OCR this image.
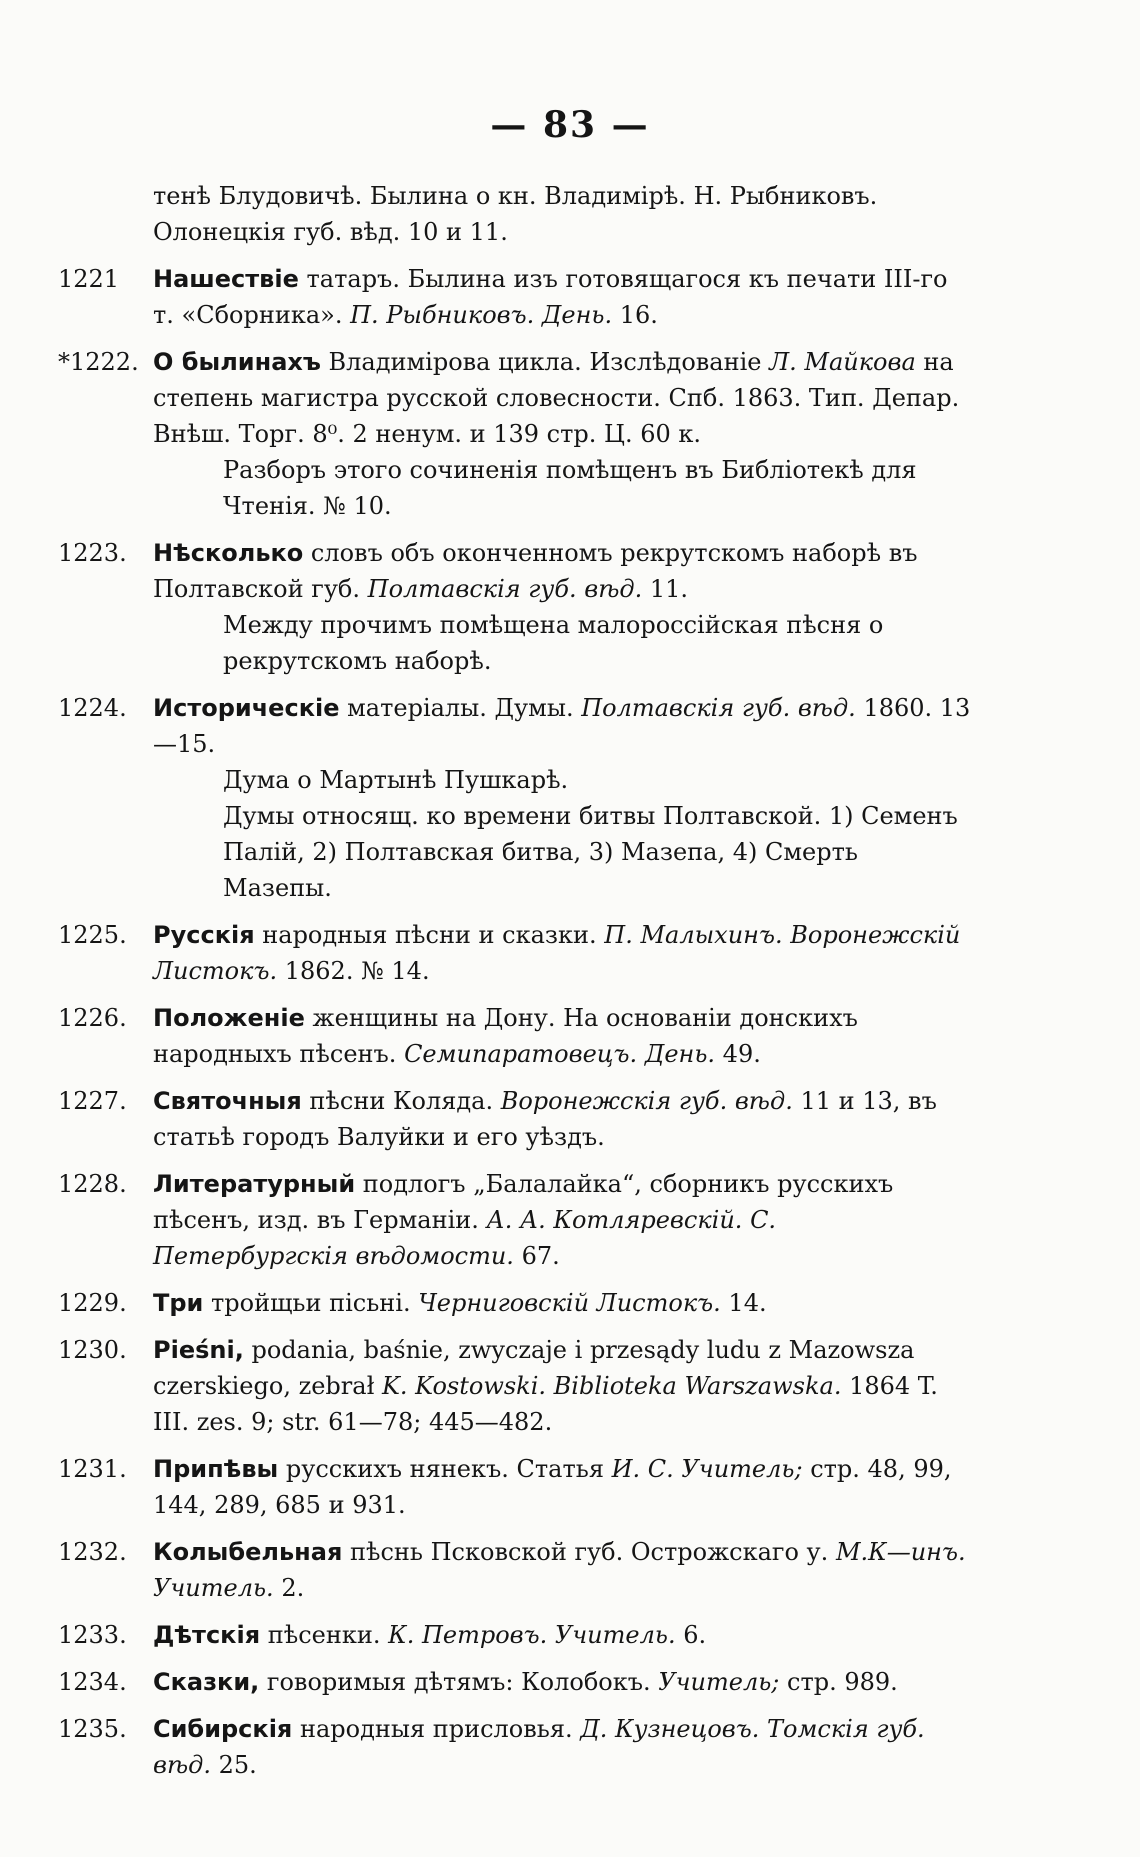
— 83 —
тенѣ Блудовичѣ. Былина о кн. Владимірѣ. Н. Рыбниковъ. Олонецкія губ. вѣд. 10 и 11.
1221	Нашествіе татаръ. Былина изъ готовящагося къ печати III-го т. «Сборника». П. Рыбниковъ. День. 16.
*1222. О былинахъ Владимірова цикла. Изслѣдованіе Л. Майкова на степень магистра русской словесности. Спб. 1863. Тип. Депар. Внѣш. Торг. 8⁰. 2 ненум. и 139 стр. Ц. 60 к.
Разборъ этого сочиненія помѣщенъ въ Библіотекѣ для Чтенія. № 10.
1223.	Нѣсколько словъ объ оконченномъ рекрутскомъ наборѣ въ Полтавской губ. Полтавскія губ. вѣд. 11.
Между прочимъ помѣщена малороссійская пѣсня о рекрутскомъ наборѣ.
1224.	Историческіе матеріалы. Думы. Полтавскія губ. вѣд. 1860. 13—15.
Дума о Мартынѣ Пушкарѣ.
Думы относящ. ко времени битвы Полтавской. 1) Семенъ Палій, 2) Полтавская битва, 3) Мазепа, 4) Смерть Мазепы.
1225.	Русскія народныя пѣсни и сказки. П. Малыхинъ. Воронежскій Листокъ. 1862. № 14.
1226.	Положеніе женщины на Дону. На основаніи донскихъ народныхъ пѣсенъ. Семипаратовецъ. День. 49.
1227.	Святочныя пѣсни Коляда. Воронежскія губ. вѣд. 11 и 13, въ статьѣ городъ Валуйки и его уѣздъ.
1228.	Литературный подлогъ „Балалайка“, сборникъ русскихъ пѣсенъ, изд. въ Германіи. А. А. Котляревскій. С. Петербургскія вѣдомости. 67.
1229.	Три тройщьи пісьні. Черниговскій Листокъ. 14.
1230.	Pieśni, podania, baśnie, zwyczaje i przesądy ludu z Mazowsza czerskiego, zebrał K. Kostowski. Biblioteka Warszawska. 1864 T. III. zes. 9; str. 61—78; 445—482.
1231.	Припѣвы русскихъ нянекъ. Статья И. С. Учитель; стр. 48, 99, 144, 289, 685 и 931.
1232.	Колыбельная пѣснь Псковской губ. Острожскаго у. М.К—инъ. Учитель. 2.
1233.	Дѣтскія пѣсенки. К. Петровъ. Учитель. 6.
1234.	Сказки, говоримыя дѣтямъ: Колобокъ. Учитель; стр. 989.
1235.	Сибирскія народныя присловья. Д. Кузнецовъ. Томскія губ. вѣд. 25.
